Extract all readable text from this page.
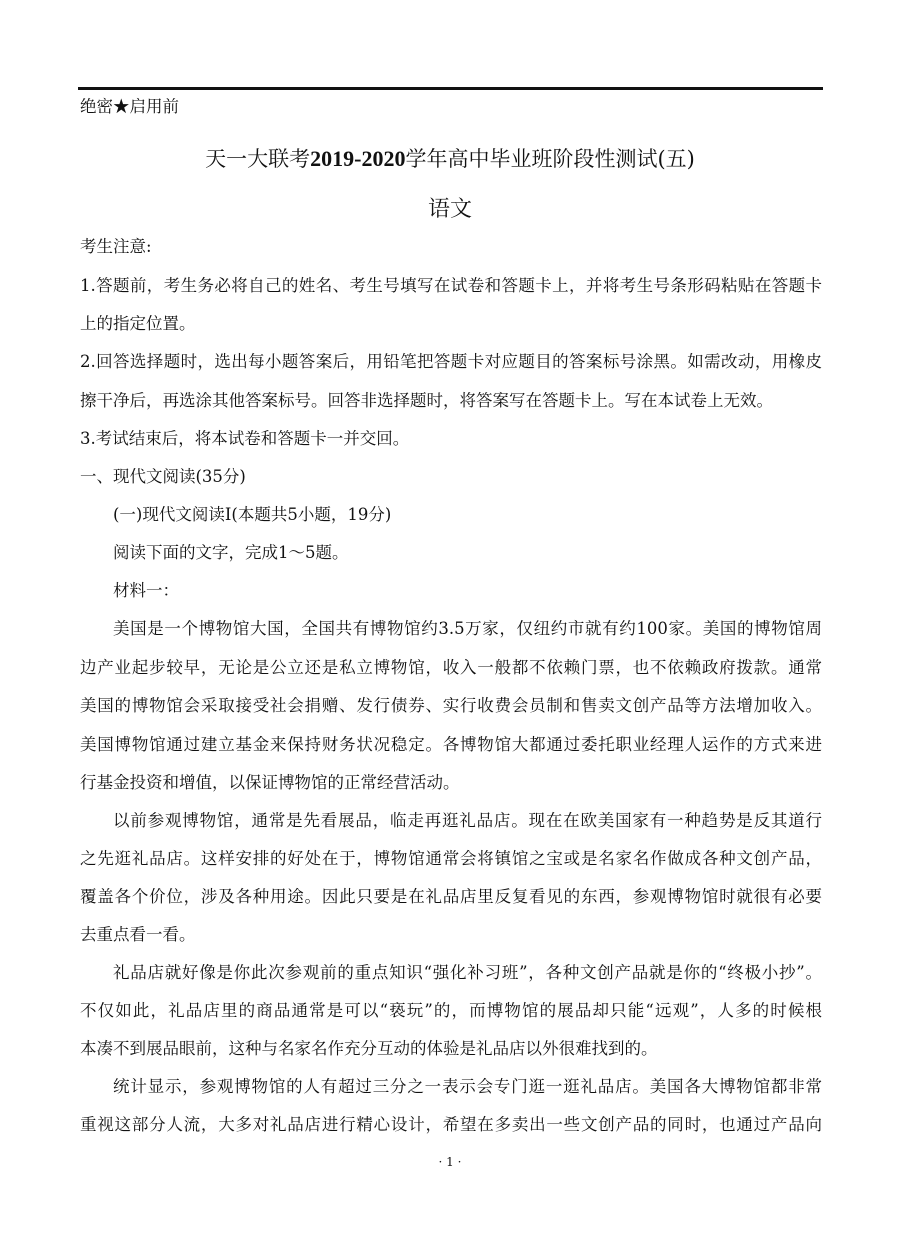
绝密★启用前
天一大联考2019-2020学年高中毕业班阶段性测试(五)
语文
考生注意:
1.答题前，考生务必将自己的姓名、考生号填写在试卷和答题卡上，并将考生号条形码粘贴在答题卡
上的指定位置。
2.回答选择题时，选出每小题答案后，用铅笔把答题卡对应题目的答案标号涂黑。如需改动，用橡皮
擦干净后，再选涂其他答案标号。回答非选择题时，将答案写在答题卡上。写在本试卷上无效。
3.考试结束后，将本试卷和答题卡一并交回。
一、现代文阅读(35分)
(一)现代文阅读I(本题共5小题，19分)
阅读下面的文字，完成1～5题。
材料一：
美国是一个博物馆大国，全国共有博物馆约3.5万家，仅纽约市就有约100家。美国的博物馆周
边产业起步较早，无论是公立还是私立博物馆，收入一般都不依赖门票，也不依赖政府拨款。通常
美国的博物馆会采取接受社会捐赠、发行债券、实行收费会员制和售卖文创产品等方法增加收入。
美国博物馆通过建立基金来保持财务状况稳定。各博物馆大都通过委托职业经理人运作的方式来进
行基金投资和增值，以保证博物馆的正常经营活动。
以前参观博物馆，通常是先看展品，临走再逛礼品店。现在在欧美国家有一种趋势是反其道行
之先逛礼品店。这样安排的好处在于，博物馆通常会将镇馆之宝或是名家名作做成各种文创产品，
覆盖各个价位，涉及各种用途。因此只要是在礼品店里反复看见的东西，参观博物馆时就很有必要
去重点看一看。
礼品店就好像是你此次参观前的重点知识“强化补习班”，各种文创产品就是你的“终极小抄”。
不仅如此，礼品店里的商品通常是可以“亵玩”的，而博物馆的展品却只能“远观”，人多的时候根
本凑不到展品眼前，这种与名家名作充分互动的体验是礼品店以外很难找到的。
统计显示，参观博物馆的人有超过三分之一表示会专门逛一逛礼品店。美国各大博物馆都非常
重视这部分人流，大多对礼品店进行精心设计，希望在多卖出一些文创产品的同时，也通过产品向
· 1 ·
